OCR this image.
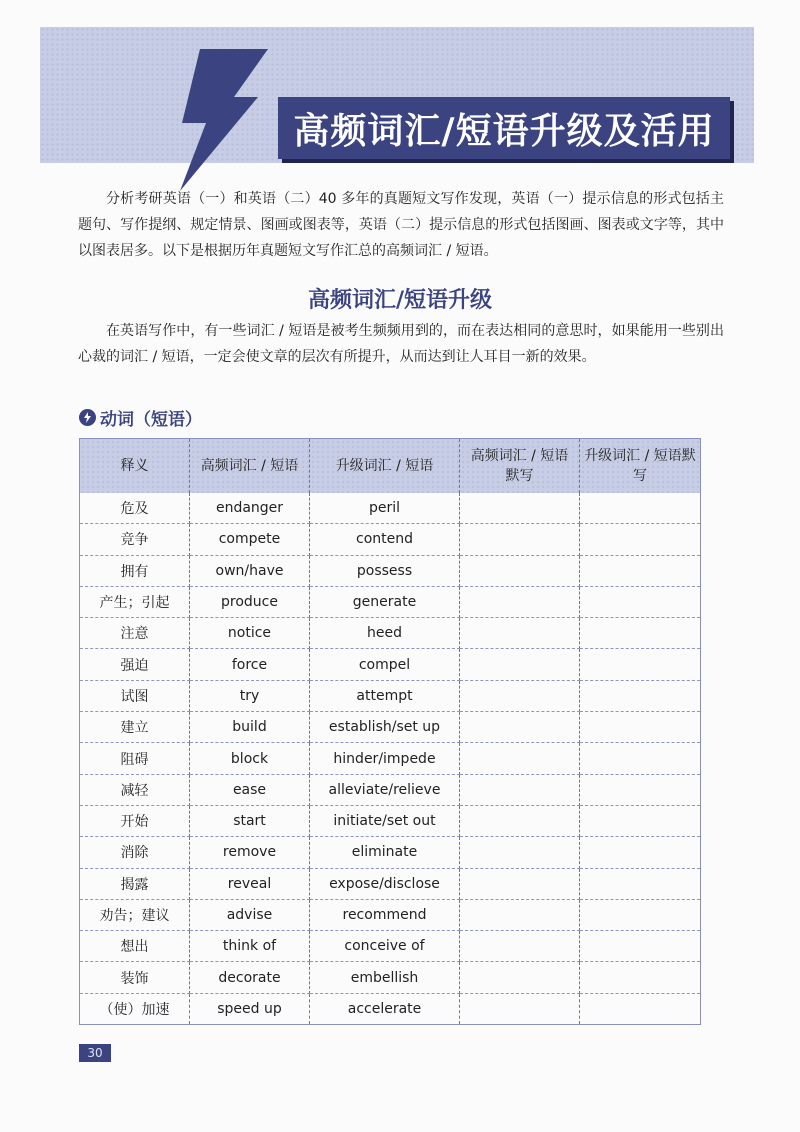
高频词汇/短语升级及活用

分析考研英语（一）和英语（二）40 多年的真题短文写作发现，英语（一）提示信息的形式包括主题句、写作提纲、规定情景、图画或图表等，英语（二）提示信息的形式包括图画、图表或文字等，其中以图表居多。以下是根据历年真题短文写作汇总的高频词汇 / 短语。

高频词汇/短语升级

在英语写作中，有一些词汇 / 短语是被考生频频用到的，而在表达相同的意思时，如果能用一些别出心裁的词汇 / 短语，一定会使文章的层次有所提升，从而达到让人耳目一新的效果。

动词（短语）
释义	高频词汇 / 短语	升级词汇 / 短语	高频词汇 / 短语默写	升级词汇 / 短语默写
危及	endanger	peril		
竞争	compete	contend		
拥有	own/have	possess		
产生；引起	produce	generate		
注意	notice	heed		
强迫	force	compel		
试图	try	attempt		
建立	build	establish/set up		
阻碍	block	hinder/impede		
减轻	ease	alleviate/relieve		
开始	start	initiate/set out		
消除	remove	eliminate		
揭露	reveal	expose/disclose		
劝告；建议	advise	recommend		
想出	think of	conceive of		
装饰	decorate	embellish		
（使）加速	speed up	accelerate		
30
